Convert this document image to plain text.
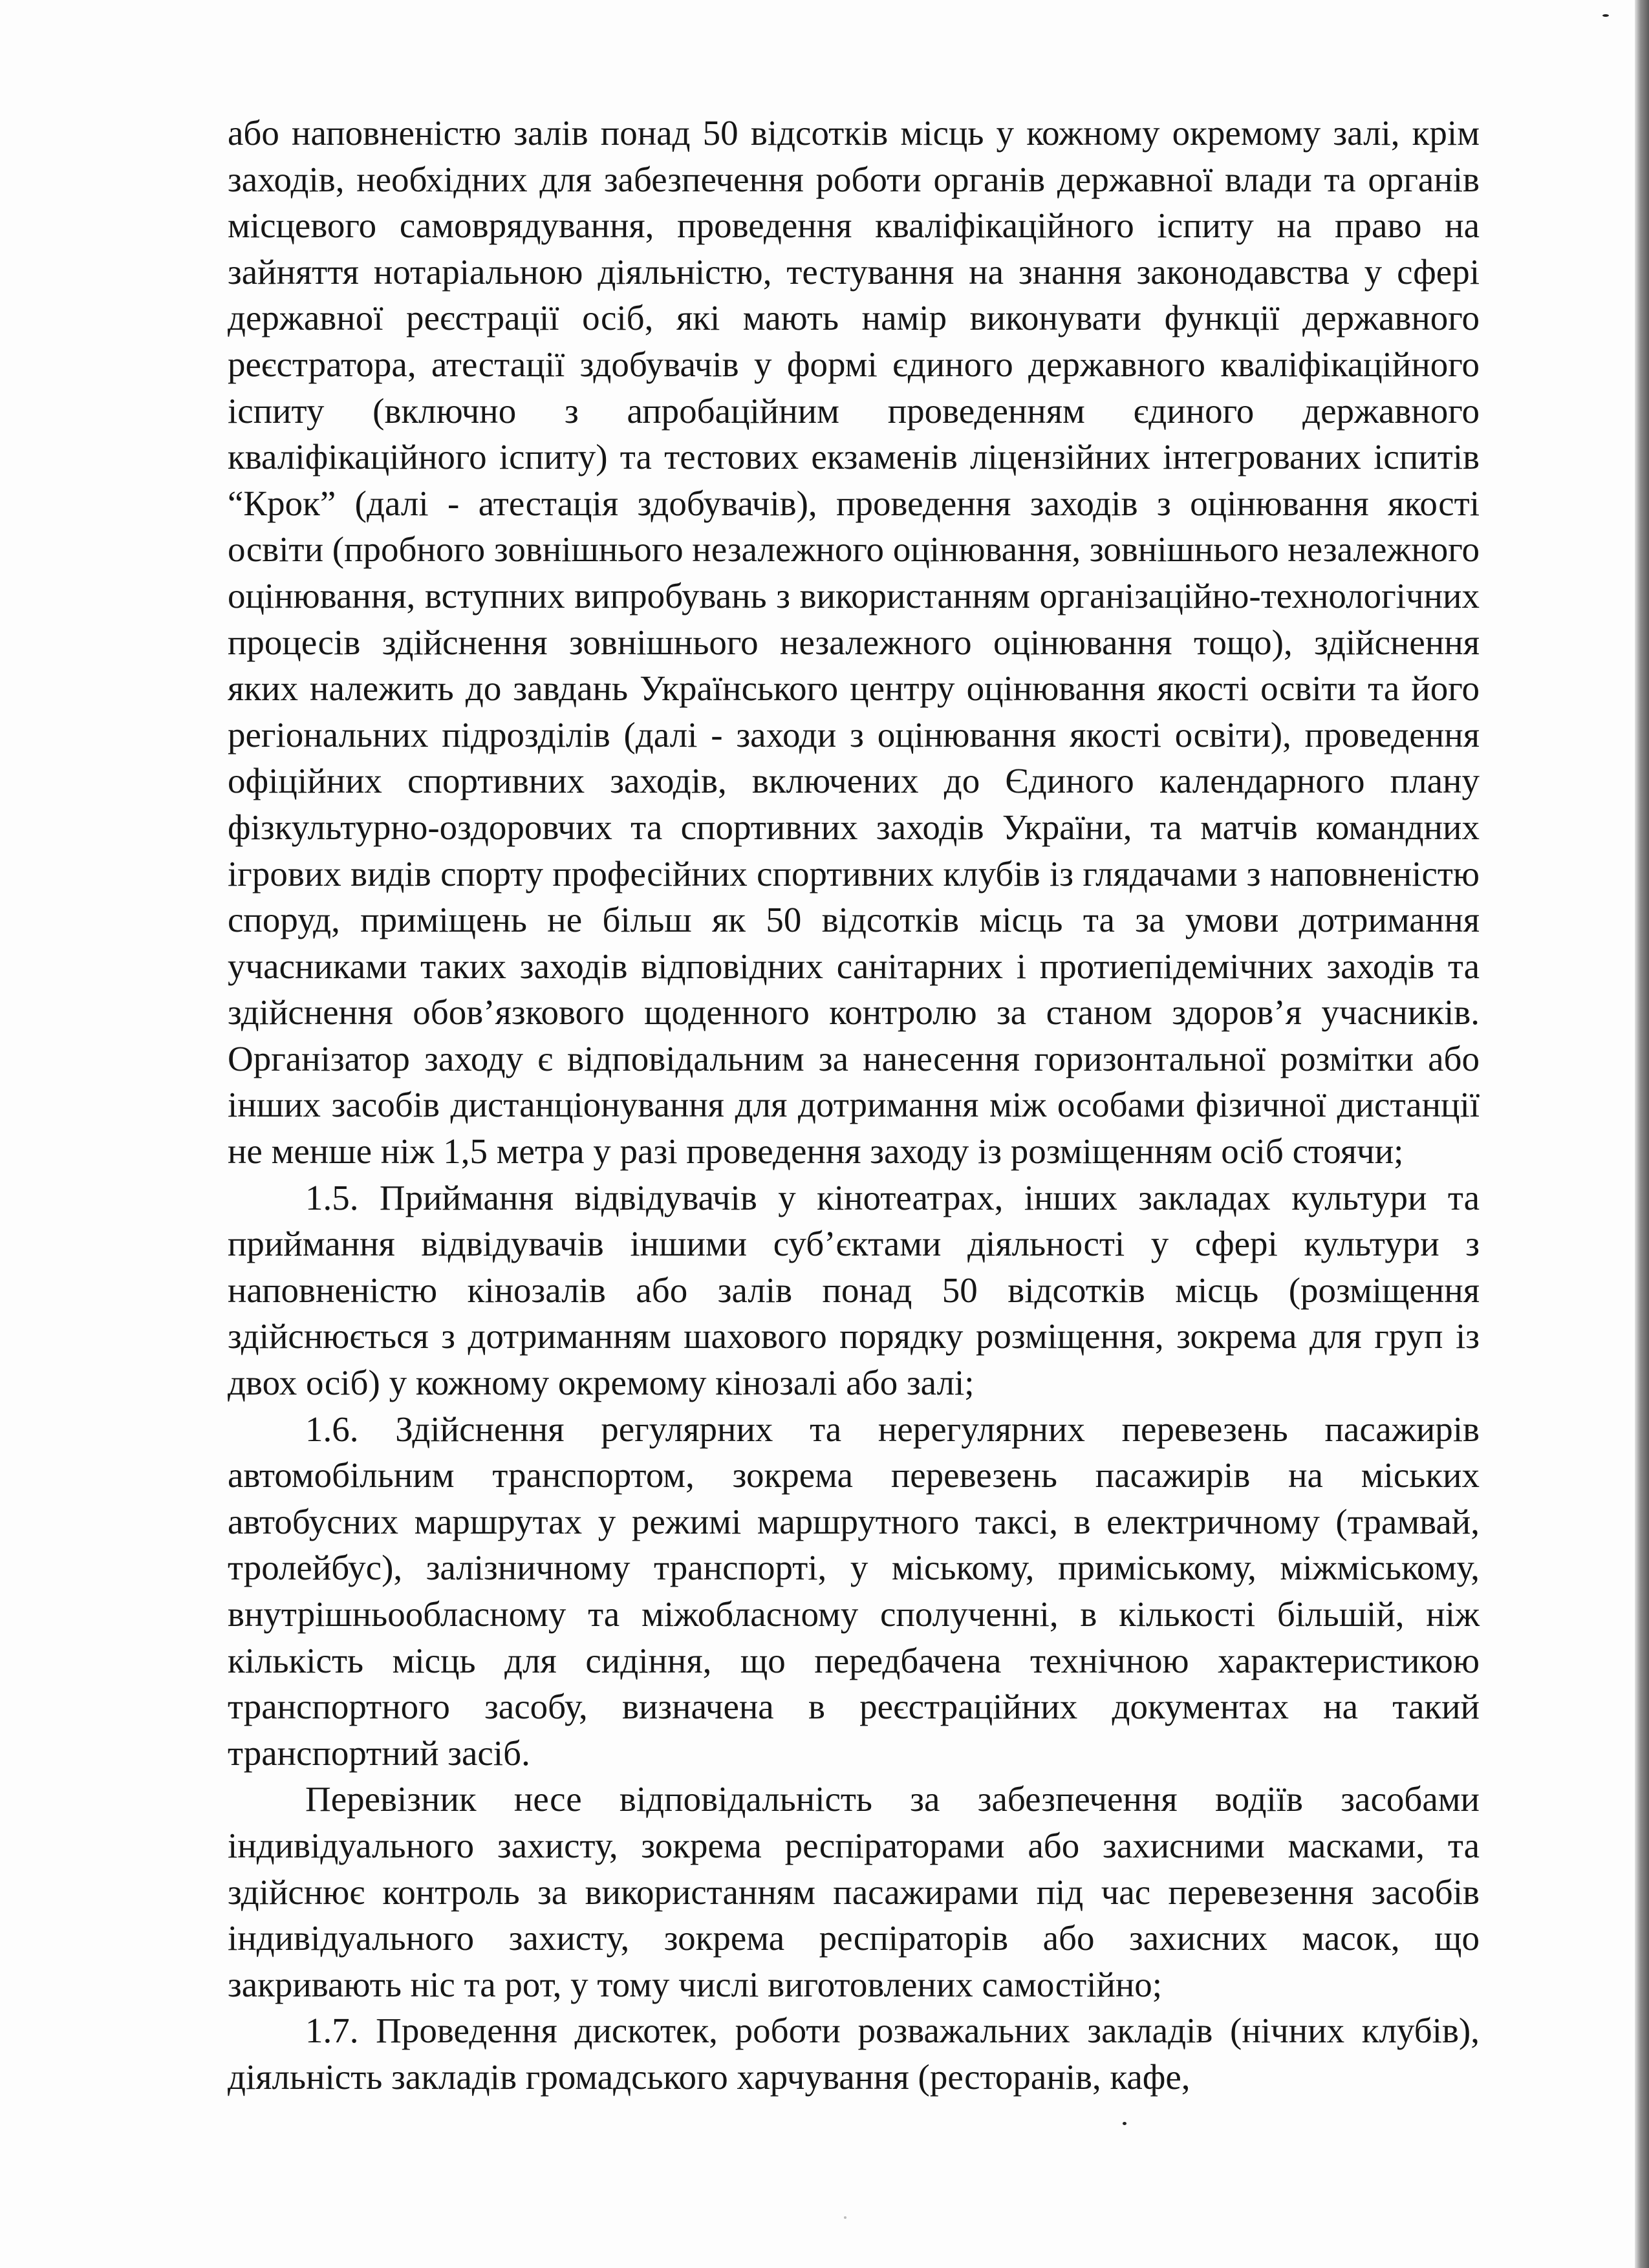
або наповненістю залів понад 50 відсотків місць у кожному окремому залі, крім заходів, необхідних для забезпечення роботи органів державної влади та органів місцевого самоврядування, проведення кваліфікаційного іспиту на право на зайняття нотаріальною діяльністю, тестування на знання законодавства у сфері державної реєстрації осіб, які мають намір виконувати функції державного реєстратора, атестації здобувачів у формі єдиного державного кваліфікаційного іспиту (включно з апробаційним проведенням єдиного державного кваліфікаційного іспиту) та тестових екзаменів ліцензійних інтегрованих іспитів “Крок” (далі - атестація здобувачів), проведення заходів з оцінювання якості освіти (пробного зовнішнього незалежного оцінювання, зовнішнього незалежного оцінювання, вступних випробувань з використанням організаційно-технологічних процесів здійснення зовнішнього незалежного оцінювання тощо), здійснення яких належить до завдань Українського центру оцінювання якості освіти та його регіональних підрозділів (далі - заходи з оцінювання якості освіти), проведення офіційних спортивних заходів, включених до Єдиного календарного плану фізкультурно-оздоровчих та спортивних заходів України, та матчів командних ігрових видів спорту професійних спортивних клубів із глядачами з наповненістю споруд, приміщень не більш як 50 відсотків місць та за умови дотримання учасниками таких заходів відповідних санітарних і протиепідемічних заходів та здійснення обов’язкового щоденного контролю за станом здоров’я учасників. Організатор заходу є відповідальним за нанесення горизонтальної розмітки або інших засобів дистанціонування для дотримання між особами фізичної дистанції не менше ніж 1,5 метра у разі проведення заходу із розміщенням осіб стоячи;

1.5. Приймання відвідувачів у кінотеатрах, інших закладах культури та приймання відвідувачів іншими суб’єктами діяльності у сфері культури з наповненістю кінозалів або залів понад 50 відсотків місць (розміщення здійснюється з дотриманням шахового порядку розміщення, зокрема для груп із двох осіб) у кожному окремому кінозалі або залі;

1.6. Здійснення регулярних та нерегулярних перевезень пасажирів автомобільним транспортом, зокрема перевезень пасажирів на міських автобусних маршрутах у режимі маршрутного таксі, в електричному (трамвай, тролейбус), залізничному транспорті, у міському, приміському, міжміському, внутрішньообласному та міжобласному сполученні, в кількості більшій, ніж кількість місць для сидіння, що передбачена технічною характеристикою транспортного засобу, визначена в реєстраційних документах на такий транспортний засіб.

Перевізник несе відповідальність за забезпечення водіїв засобами індивідуального захисту, зокрема респіраторами або захисними масками, та здійснює контроль за використанням пасажирами під час перевезення засобів індивідуального захисту, зокрема респіраторів або захисних масок, що закривають ніс та рот, у тому числі виготовлених самостійно;

1.7. Проведення дискотек, роботи розважальних закладів (нічних клубів), діяльність закладів громадського харчування (ресторанів, кафе,
